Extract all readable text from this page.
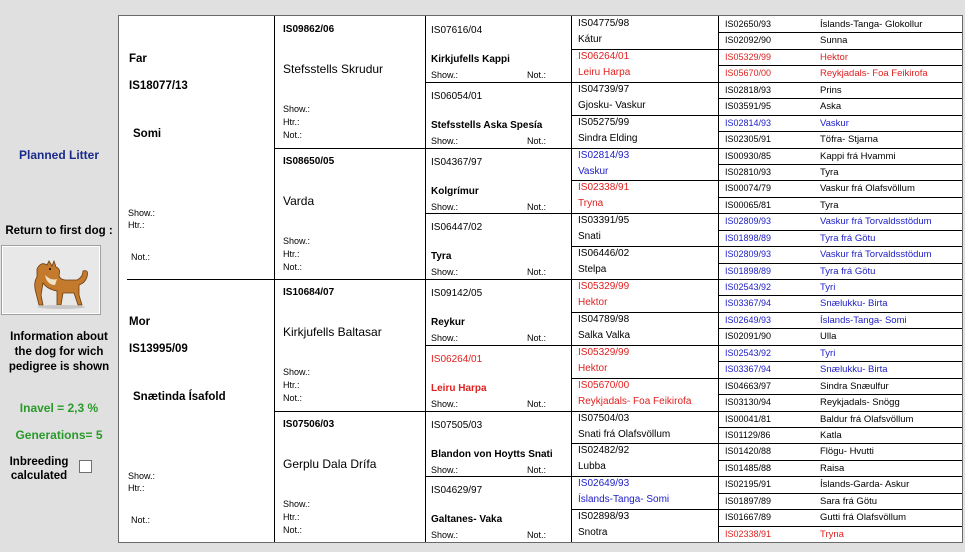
Planned Litter
Return to first dog :
Information about the dog for wich pedigree is shown
Inavel = 2,3 %
Generations= 5
Inbreeding calculated
Far
IS18077/13
Somi
Show.:
Htr.:
Not.:
Mor
IS13995/09
Snætinda Ísafold
Show.:
Htr.:
Not.:
IS09862/06
Stefsstells Skrudur
Show.:
Htr.:
Not.:
IS08650/05
Varda
Show.:
Htr.:
Not.:
IS10684/07
Kirkjufells Baltasar
Show.:
Htr.:
Not.:
IS07506/03
Gerplu Dala Drífa
Show.:
Htr.:
Not.:
IS07616/04
Kirkjufells Kappi
Show.:	Not.:
IS06054/01
Stefsstells Aska Spesía
Show.:	Not.:
IS04367/97
Kolgrímur
Show.:	Not.:
IS06447/02
Tyra
Show.:	Not.:
IS09142/05
Reykur
Show.:	Not.:
IS06264/01
Leiru Harpa
Show.:	Not.:
IS07505/03
Blandon von Hoytts Snati
Show.:	Not.:
IS04629/97
Galtanes- Vaka
Show.:	Not.:
IS04775/98
Kátur
IS06264/01
Leiru Harpa
IS04739/97
Gjosku- Vaskur
IS05275/99
Sindra Elding
IS02814/93
Vaskur
IS02338/91
Tryna
IS03391/95
Snati
IS06446/02
Stelpa
IS05329/99
Hektor
IS04789/98
Salka Valka
IS05329/99
Hektor
IS05670/00
Reykjadals- Foa Feikirofa
IS07504/03
Snati frá Olafsvöllum
IS02482/92
Lubba
IS02649/93
Íslands-Tanga- Somi
IS02898/93
Snotra
IS02650/93	Íslands-Tanga- Glokollur
IS02092/90	Sunna
IS05329/99	Hektor
IS05670/00	Reykjadals- Foa Feikirofa
IS02818/93	Prins
IS03591/95	Aska
IS02814/93	Vaskur
IS02305/91	Töfra- Stjarna
IS00930/85	Kappi frá Hvammi
IS02810/93	Tyra
IS00074/79	Vaskur frá Olafsvöllum
IS00065/81	Tyra
IS02809/93	Vaskur frá Torvaldsstödum
IS01898/89	Tyra frá Götu
IS02809/93	Vaskur frá Torvaldsstödum
IS01898/89	Tyra frá Götu
IS02543/92	Tyri
IS03367/94	Snælukku- Birta
IS02649/93	Íslands-Tanga- Somi
IS02091/90	Ulla
IS02543/92	Tyri
IS03367/94	Snælukku- Birta
IS04663/97	Sindra Snæulfur
IS03130/94	Reykjadals- Snögg
IS00041/81	Baldur frá Olafsvöllum
IS01129/86	Katla
IS01420/88	Flögu- Hvutti
IS01485/88	Raisa
IS02195/91	Íslands-Garda- Askur
IS01897/89	Sara frá Götu
IS01667/89	Gutti frá Olafsvöllum
IS02338/91	Tryna
